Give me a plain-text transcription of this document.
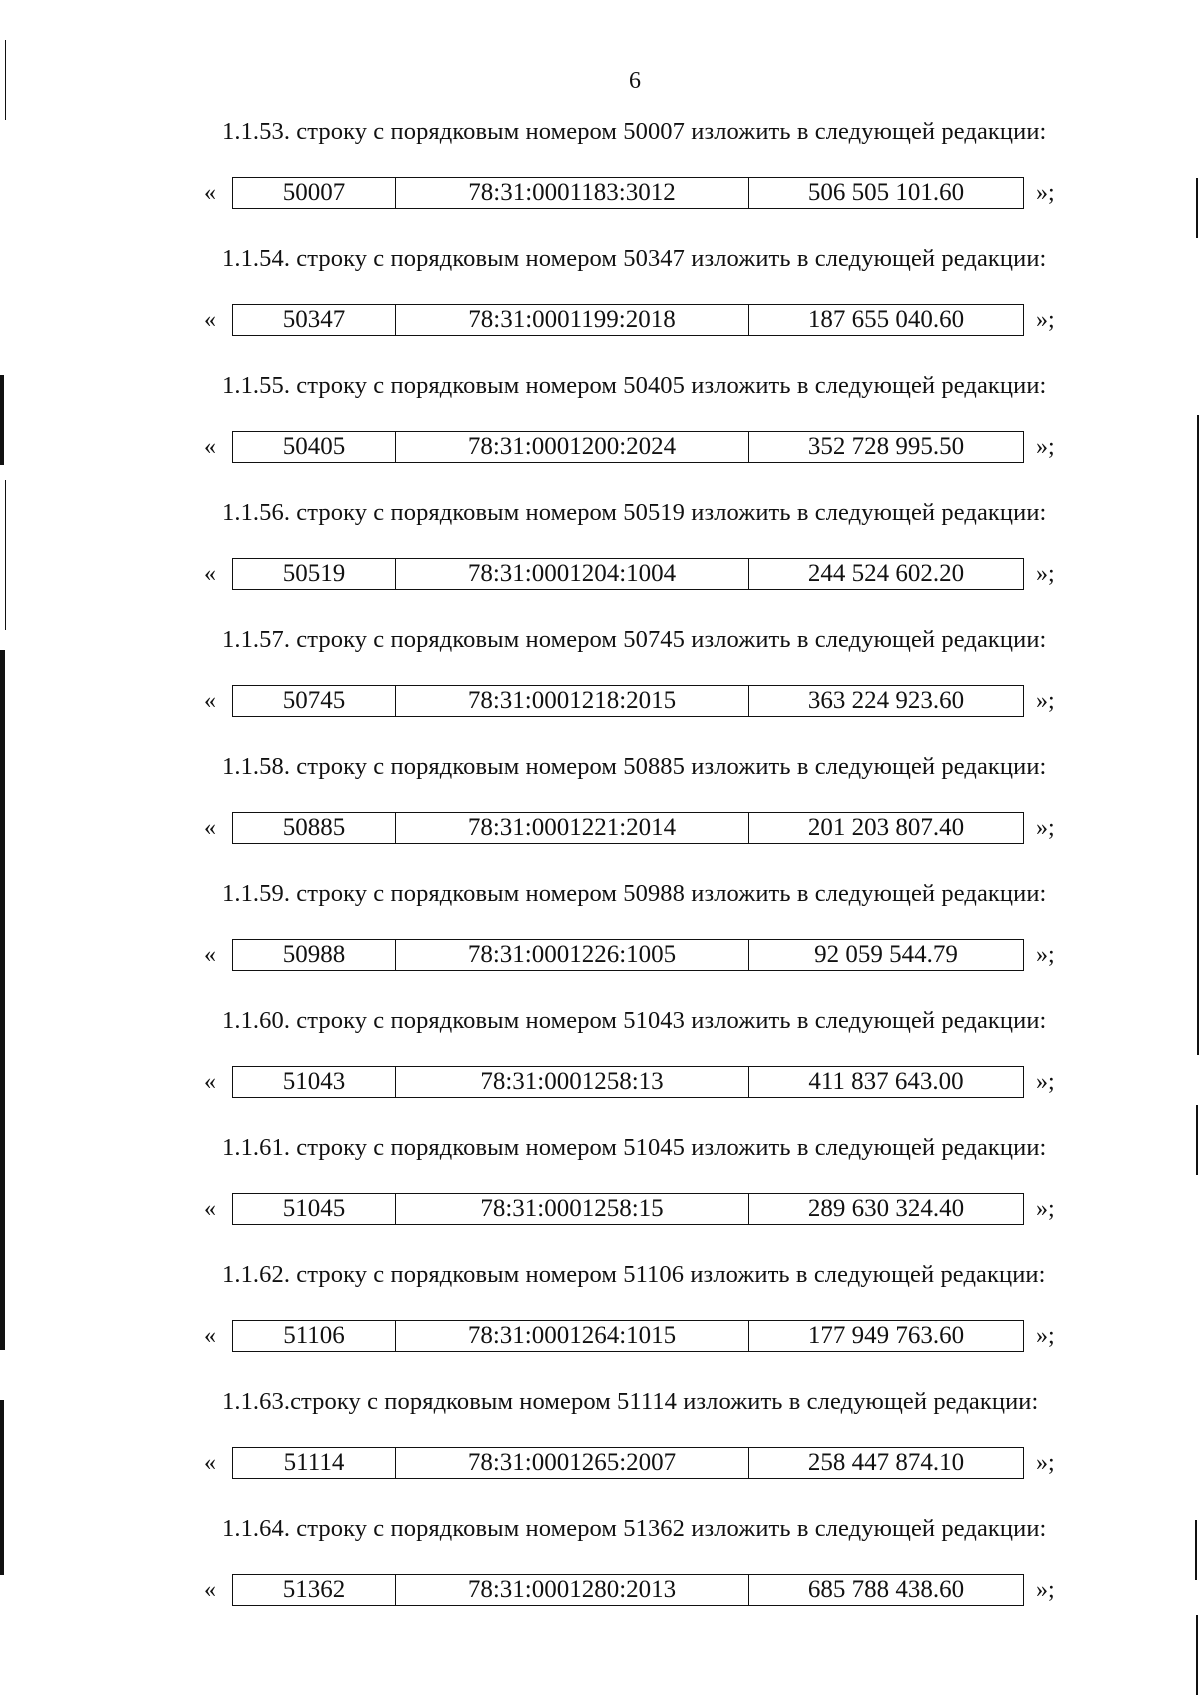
6
1.1.53. строку с порядковым номером 50007 изложить в следующей редакции:
«	50007	78:31:0001183:3012	506 505 101.60	»;
1.1.54. строку с порядковым номером 50347 изложить в следующей редакции:
«	50347	78:31:0001199:2018	187 655 040.60	»;
1.1.55. строку с порядковым номером 50405 изложить в следующей редакции:
«	50405	78:31:0001200:2024	352 728 995.50	»;
1.1.56. строку с порядковым номером 50519 изложить в следующей редакции:
«	50519	78:31:0001204:1004	244 524 602.20	»;
1.1.57. строку с порядковым номером 50745 изложить в следующей редакции:
«	50745	78:31:0001218:2015	363 224 923.60	»;
1.1.58. строку с порядковым номером 50885 изложить в следующей редакции:
«	50885	78:31:0001221:2014	201 203 807.40	»;
1.1.59. строку с порядковым номером 50988 изложить в следующей редакции:
«	50988	78:31:0001226:1005	92 059 544.79	»;
1.1.60. строку с порядковым номером 51043 изложить в следующей редакции:
«	51043	78:31:0001258:13	411 837 643.00	»;
1.1.61. строку с порядковым номером 51045 изложить в следующей редакции:
«	51045	78:31:0001258:15	289 630 324.40	»;
1.1.62. строку с порядковым номером 51106 изложить в следующей редакции:
«	51106	78:31:0001264:1015	177 949 763.60	»;
1.1.63.строку с порядковым номером 51114 изложить в следующей редакции:
«	51114	78:31:0001265:2007	258 447 874.10	»;
1.1.64. строку с порядковым номером 51362 изложить в следующей редакции:
«	51362	78:31:0001280:2013	685 788 438.60	»;
